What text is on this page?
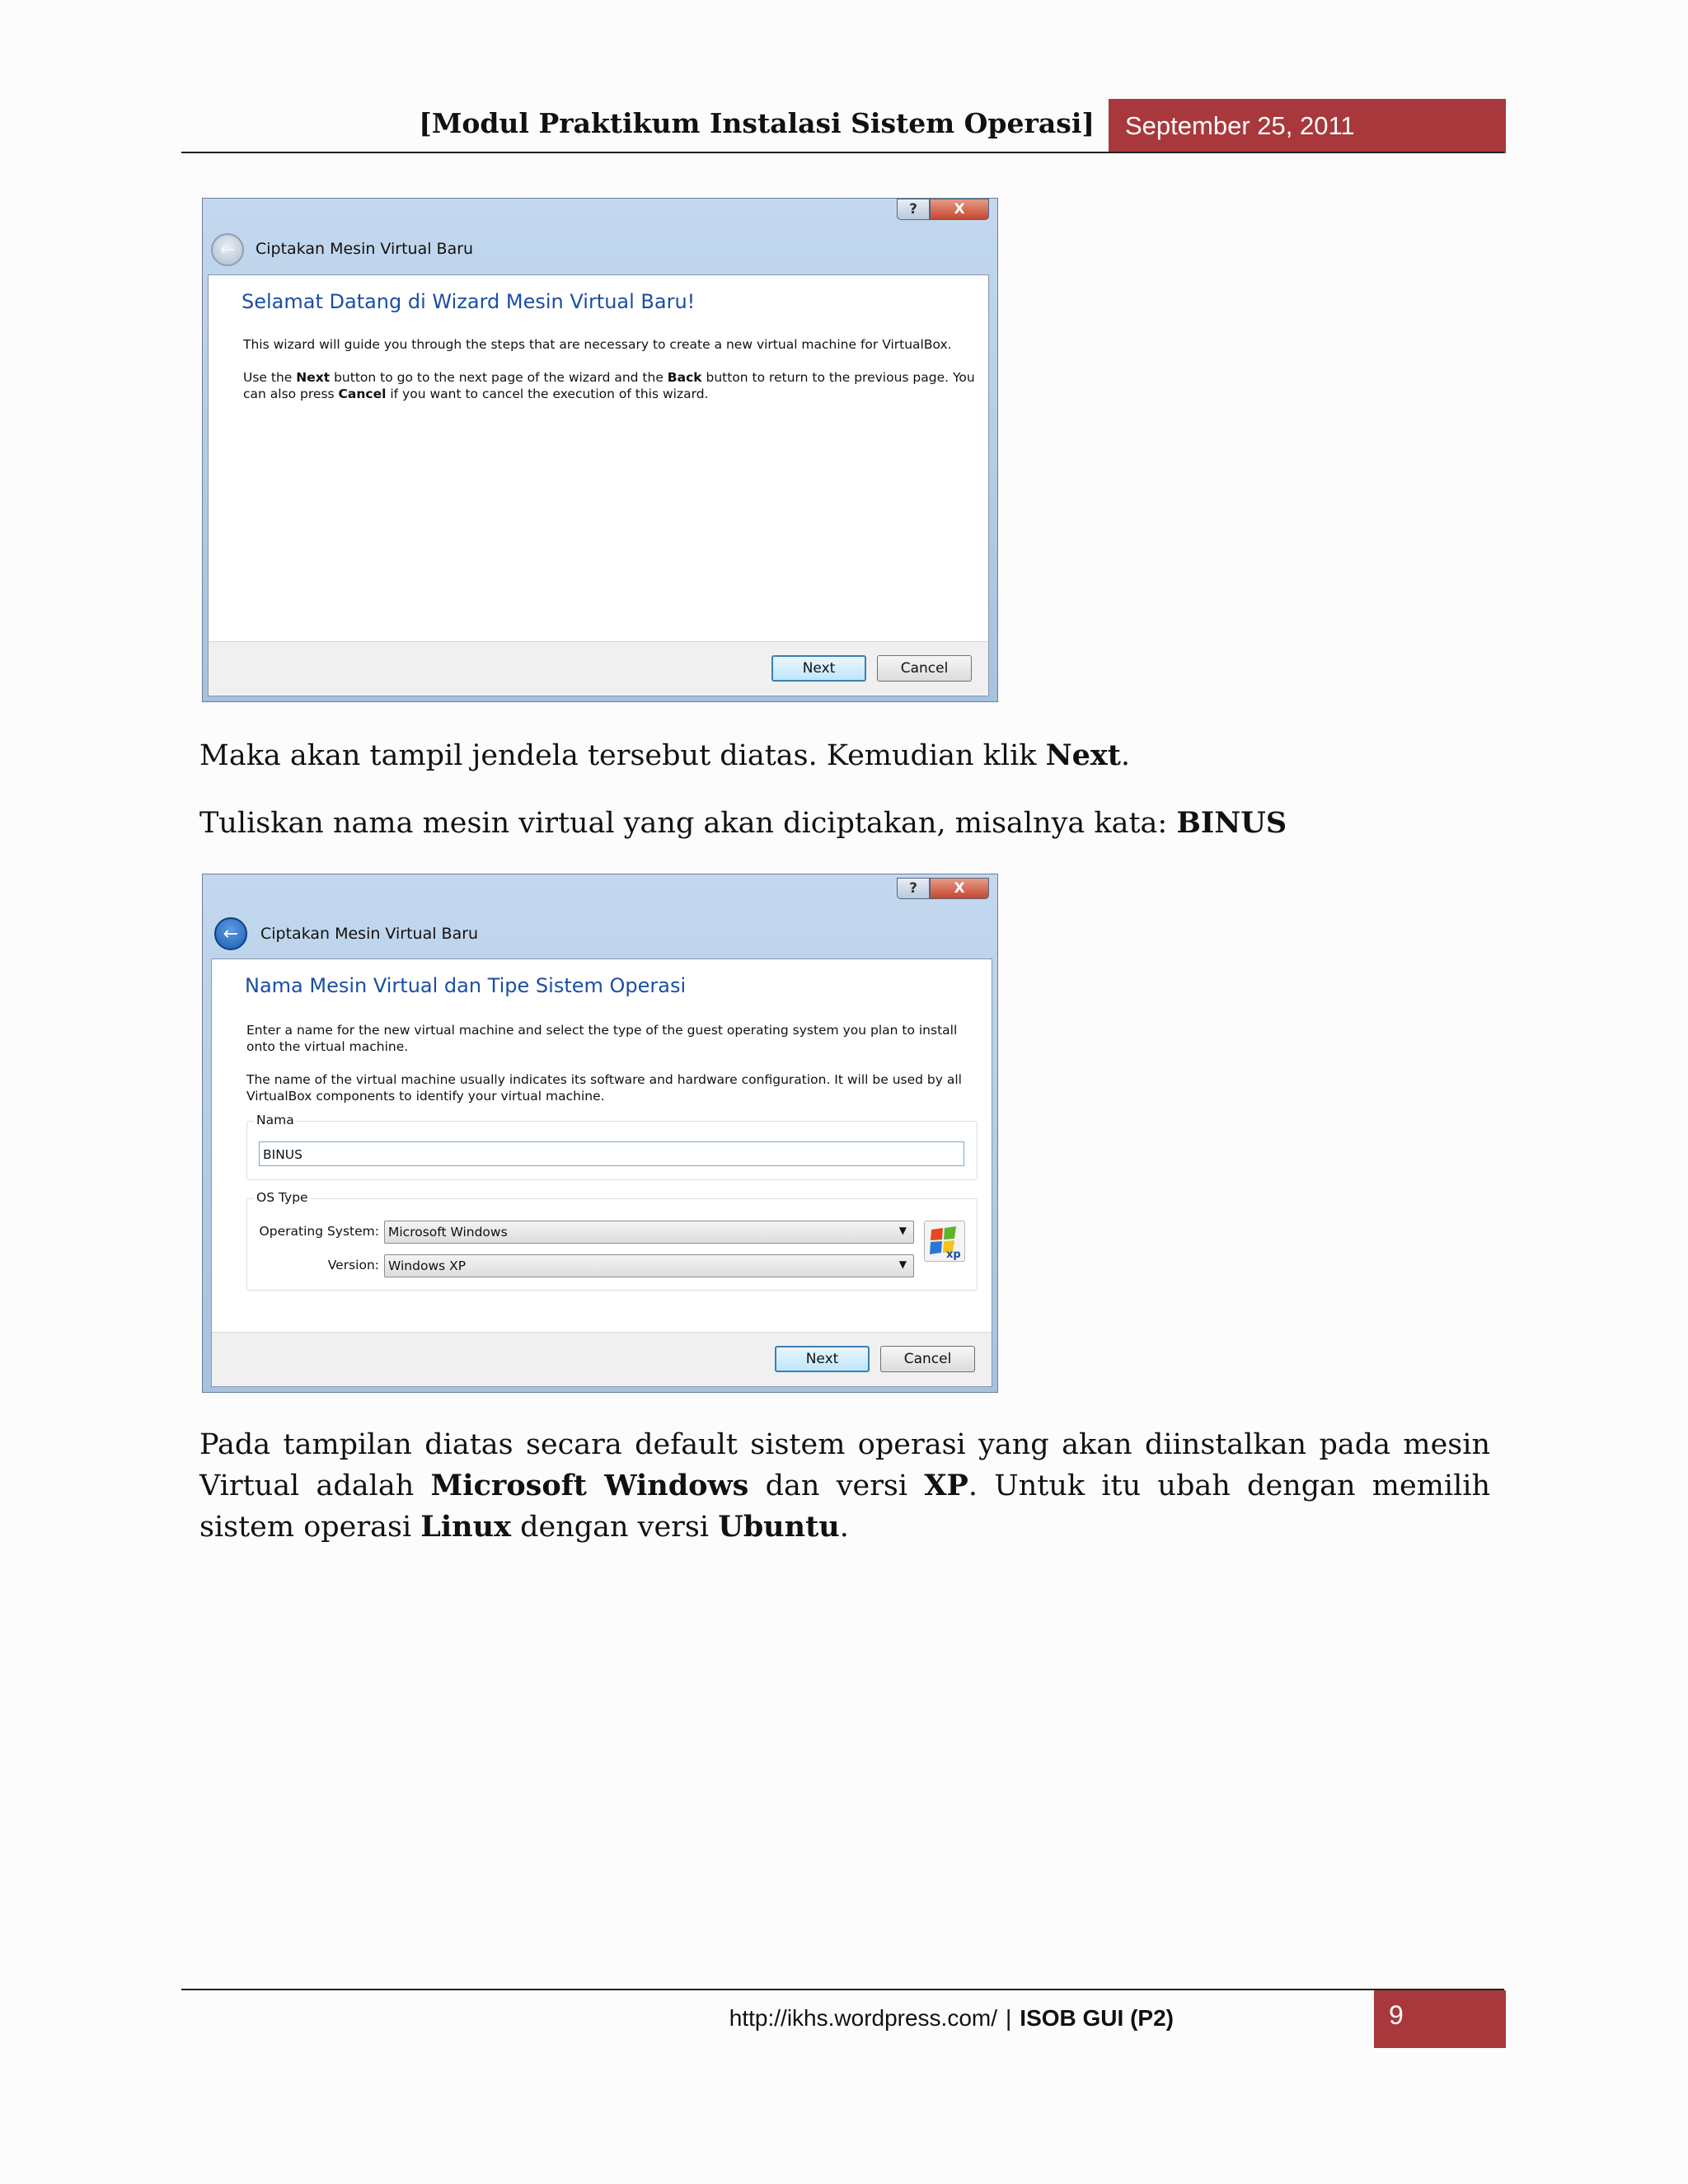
[Modul Praktikum Instalasi Sistem Operasi]	September 25, 2011
?	X
←	Ciptakan Mesin Virtual Baru
Selamat Datang di Wizard Mesin Virtual Baru!
This wizard will guide you through the steps that are necessary to create a new virtual machine for VirtualBox.
Use the Next button to go to the next page of the wizard and the Back button to return to the previous page. You can also press Cancel if you want to cancel the execution of this wizard.
Next	Cancel
Maka akan tampil jendela tersebut diatas. Kemudian klik Next.
Tuliskan nama mesin virtual yang akan diciptakan, misalnya kata: BINUS
?	X
←	Ciptakan Mesin Virtual Baru
Nama Mesin Virtual dan Tipe Sistem Operasi
Enter a name for the new virtual machine and select the type of the guest operating system you plan to install onto the virtual machine.
The name of the virtual machine usually indicates its software and hardware configuration. It will be used by all VirtualBox components to identify your virtual machine.
Nama
BINUS
OS Type
Operating System: Microsoft Windows	▼
Version: Windows XP	▼
xp
Next	Cancel
Pada tampilan diatas secara default sistem operasi yang akan diinstalkan pada mesin Virtual adalah Microsoft Windows dan versi XP. Untuk itu ubah dengan memilih sistem operasi Linux dengan versi Ubuntu.
http://ikhs.wordpress.com/ | ISOB GUI (P2)	9
